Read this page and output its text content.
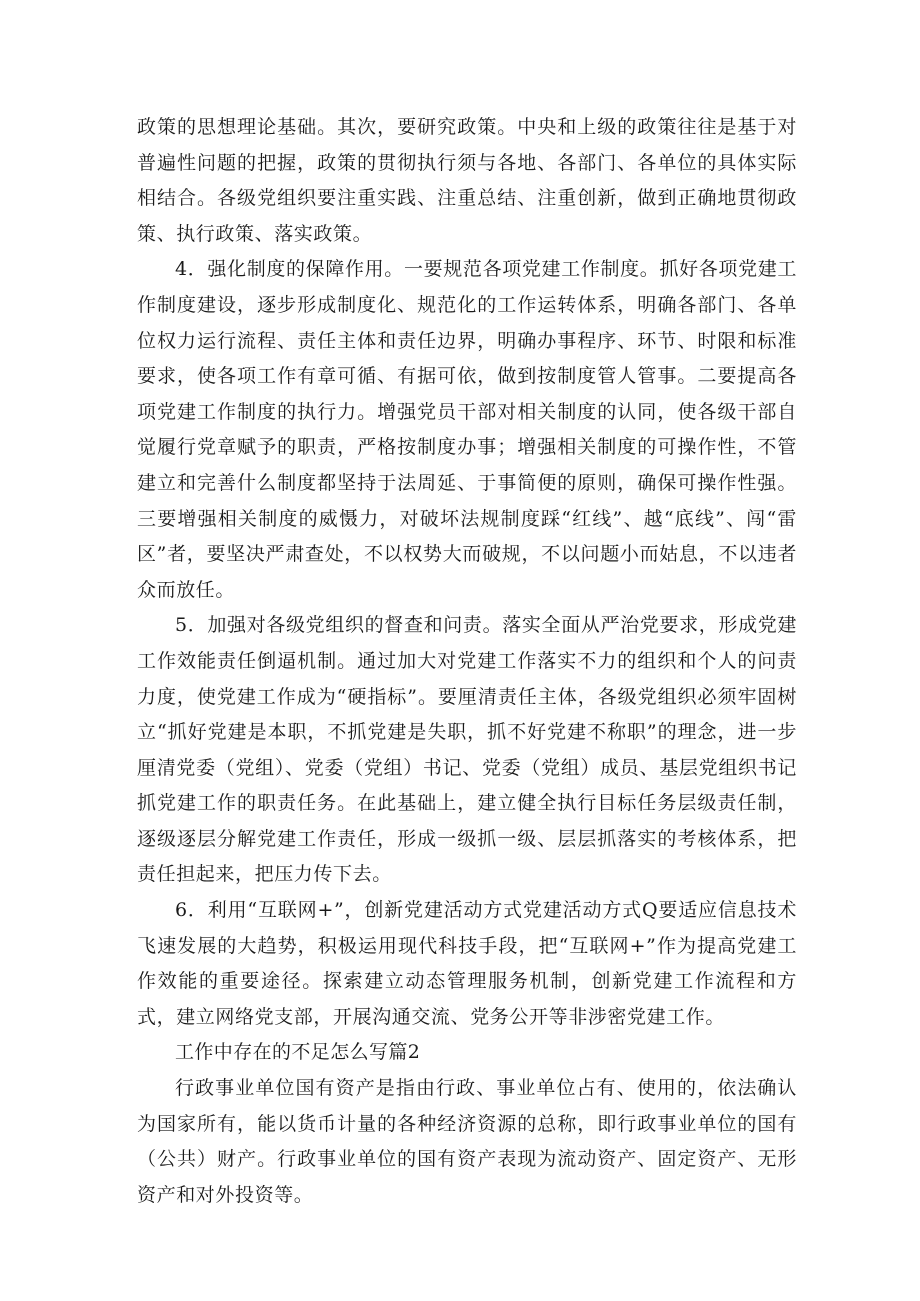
政策的思想理论基础。其次，要研究政策。中央和上级的政策往往是基于对普遍性问题的把握，政策的贯彻执行须与各地、各部门、各单位的具体实际相结合。各级党组织要注重实践、注重总结、注重创新，做到正确地贯彻政策、执行政策、落实政策。

4．强化制度的保障作用。一要规范各项党建工作制度。抓好各项党建工作制度建设，逐步形成制度化、规范化的工作运转体系，明确各部门、各单位权力运行流程、责任主体和责任边界，明确办事程序、环节、时限和标准要求，使各项工作有章可循、有据可依，做到按制度管人管事。二要提高各项党建工作制度的执行力。增强党员干部对相关制度的认同，使各级干部自觉履行党章赋予的职责，严格按制度办事；增强相关制度的可操作性，不管建立和完善什么制度都坚持于法周延、于事简便的原则，确保可操作性强。三要增强相关制度的威慑力，对破坏法规制度踩“红线”、越“底线”、闯“雷区”者，要坚决严肃查处，不以权势大而破规，不以问题小而姑息，不以违者众而放任。

5．加强对各级党组织的督查和问责。落实全面从严治党要求，形成党建工作效能责任倒逼机制。通过加大对党建工作落实不力的组织和个人的问责力度，使党建工作成为“硬指标”。要厘清责任主体，各级党组织必须牢固树立“抓好党建是本职，不抓党建是失职，抓不好党建不称职”的理念，进一步厘清党委（党组）、党委（党组）书记、党委（党组）成员、基层党组织书记抓党建工作的职责任务。在此基础上，建立健全执行目标任务层级责任制，逐级逐层分解党建工作责任，形成一级抓一级、层层抓落实的考核体系，把责任担起来，把压力传下去。

6．利用“互联网+”，创新党建活动方式党建活动方式Q要适应信息技术飞速发展的大趋势，积极运用现代科技手段，把“互联网+”作为提高党建工作效能的重要途径。探索建立动态管理服务机制，创新党建工作流程和方式，建立网络党支部，开展沟通交流、党务公开等非涉密党建工作。

工作中存在的不足怎么写篇2

行政事业单位国有资产是指由行政、事业单位占有、使用的，依法确认为国家所有，能以货币计量的各种经济资源的总称，即行政事业单位的国有（公共）财产。行政事业单位的国有资产表现为流动资产、固定资产、无形资产和对外投资等。
